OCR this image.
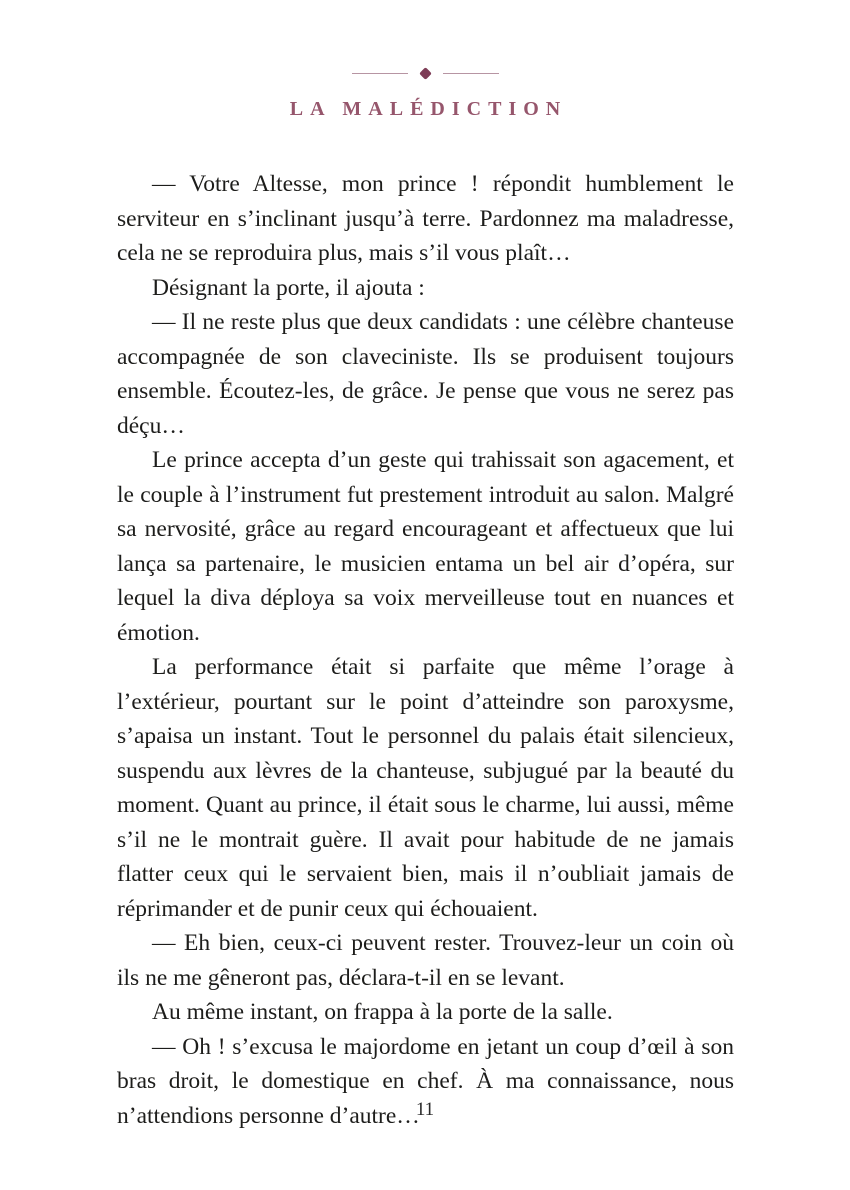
LA MALÉDICTION

— Votre Altesse, mon prince ! répondit humblement le serviteur en s’inclinant jusqu’à terre. Pardonnez ma maladresse, cela ne se reproduira plus, mais s’il vous plaît…

Désignant la porte, il ajouta :

— Il ne reste plus que deux candidats : une célèbre chanteuse accompagnée de son claveciniste. Ils se produisent toujours ensemble. Écoutez-les, de grâce. Je pense que vous ne serez pas déçu…

Le prince accepta d’un geste qui trahissait son agacement, et le couple à l’instrument fut prestement introduit au salon. Malgré sa nervosité, grâce au regard encourageant et affectueux que lui lança sa partenaire, le musicien entama un bel air d’opéra, sur lequel la diva déploya sa voix merveilleuse tout en nuances et émotion.

La performance était si parfaite que même l’orage à l’extérieur, pourtant sur le point d’atteindre son paroxysme, s’apaisa un instant. Tout le personnel du palais était silencieux, suspendu aux lèvres de la chanteuse, subjugué par la beauté du moment. Quant au prince, il était sous le charme, lui aussi, même s’il ne le montrait guère. Il avait pour habitude de ne jamais flatter ceux qui le servaient bien, mais il n’oubliait jamais de réprimander et de punir ceux qui échouaient.

— Eh bien, ceux-ci peuvent rester. Trouvez-leur un coin où ils ne me gêneront pas, déclara-t-il en se levant.

Au même instant, on frappa à la porte de la salle.

— Oh ! s’excusa le majordome en jetant un coup d’œil à son bras droit, le domestique en chef. À ma connaissance, nous n’attendions personne d’autre…

11
